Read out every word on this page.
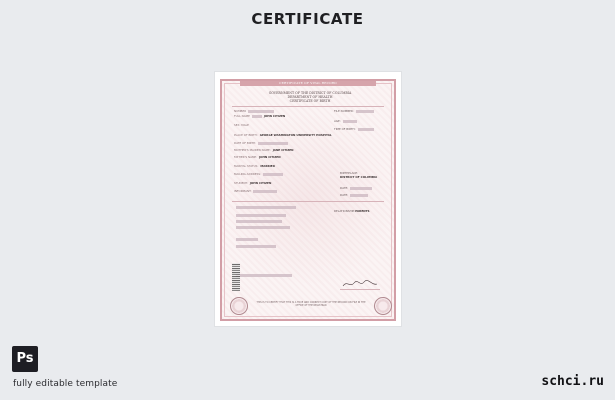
CERTIFICATE
CERTIFICATE OF VITAL RECORD
GOVERNMENT OF THE DISTRICT OF COLUMBIA
DEPARTMENT OF HEALTH
CERTIFICATE OF BIRTH
NUMBER
FULL NAME	JOHN CITIZEN
SEX: MALE
PLACE OF BIRTH: GEORGE WASHINGTON UNIVERSITY HOSPITAL
DATE OF BIRTH:
MOTHER'S MAIDEN NAME: JANE CITIZEN
FATHER'S NAME: JOHN CITIZEN
MARITAL STATUS: MARRIED
MAILING ADDRESS:
STUDENT: JOHN CITIZEN
INFORMANT:
FILE NUMBER:
AGE:
TIME OF BIRTH:
BIRTHPLACE:
DISTRICT OF COLUMBIA
DATE:
DATE:
RELATIONSHIP:PARENTS
THIS IS TO CERTIFY THAT THIS IS A TRUE AND CORRECT COPY OF THE RECORD ON FILE IN THE OFFICE OF THE REGISTRAR
Ps
fully editable template	schci.ru
